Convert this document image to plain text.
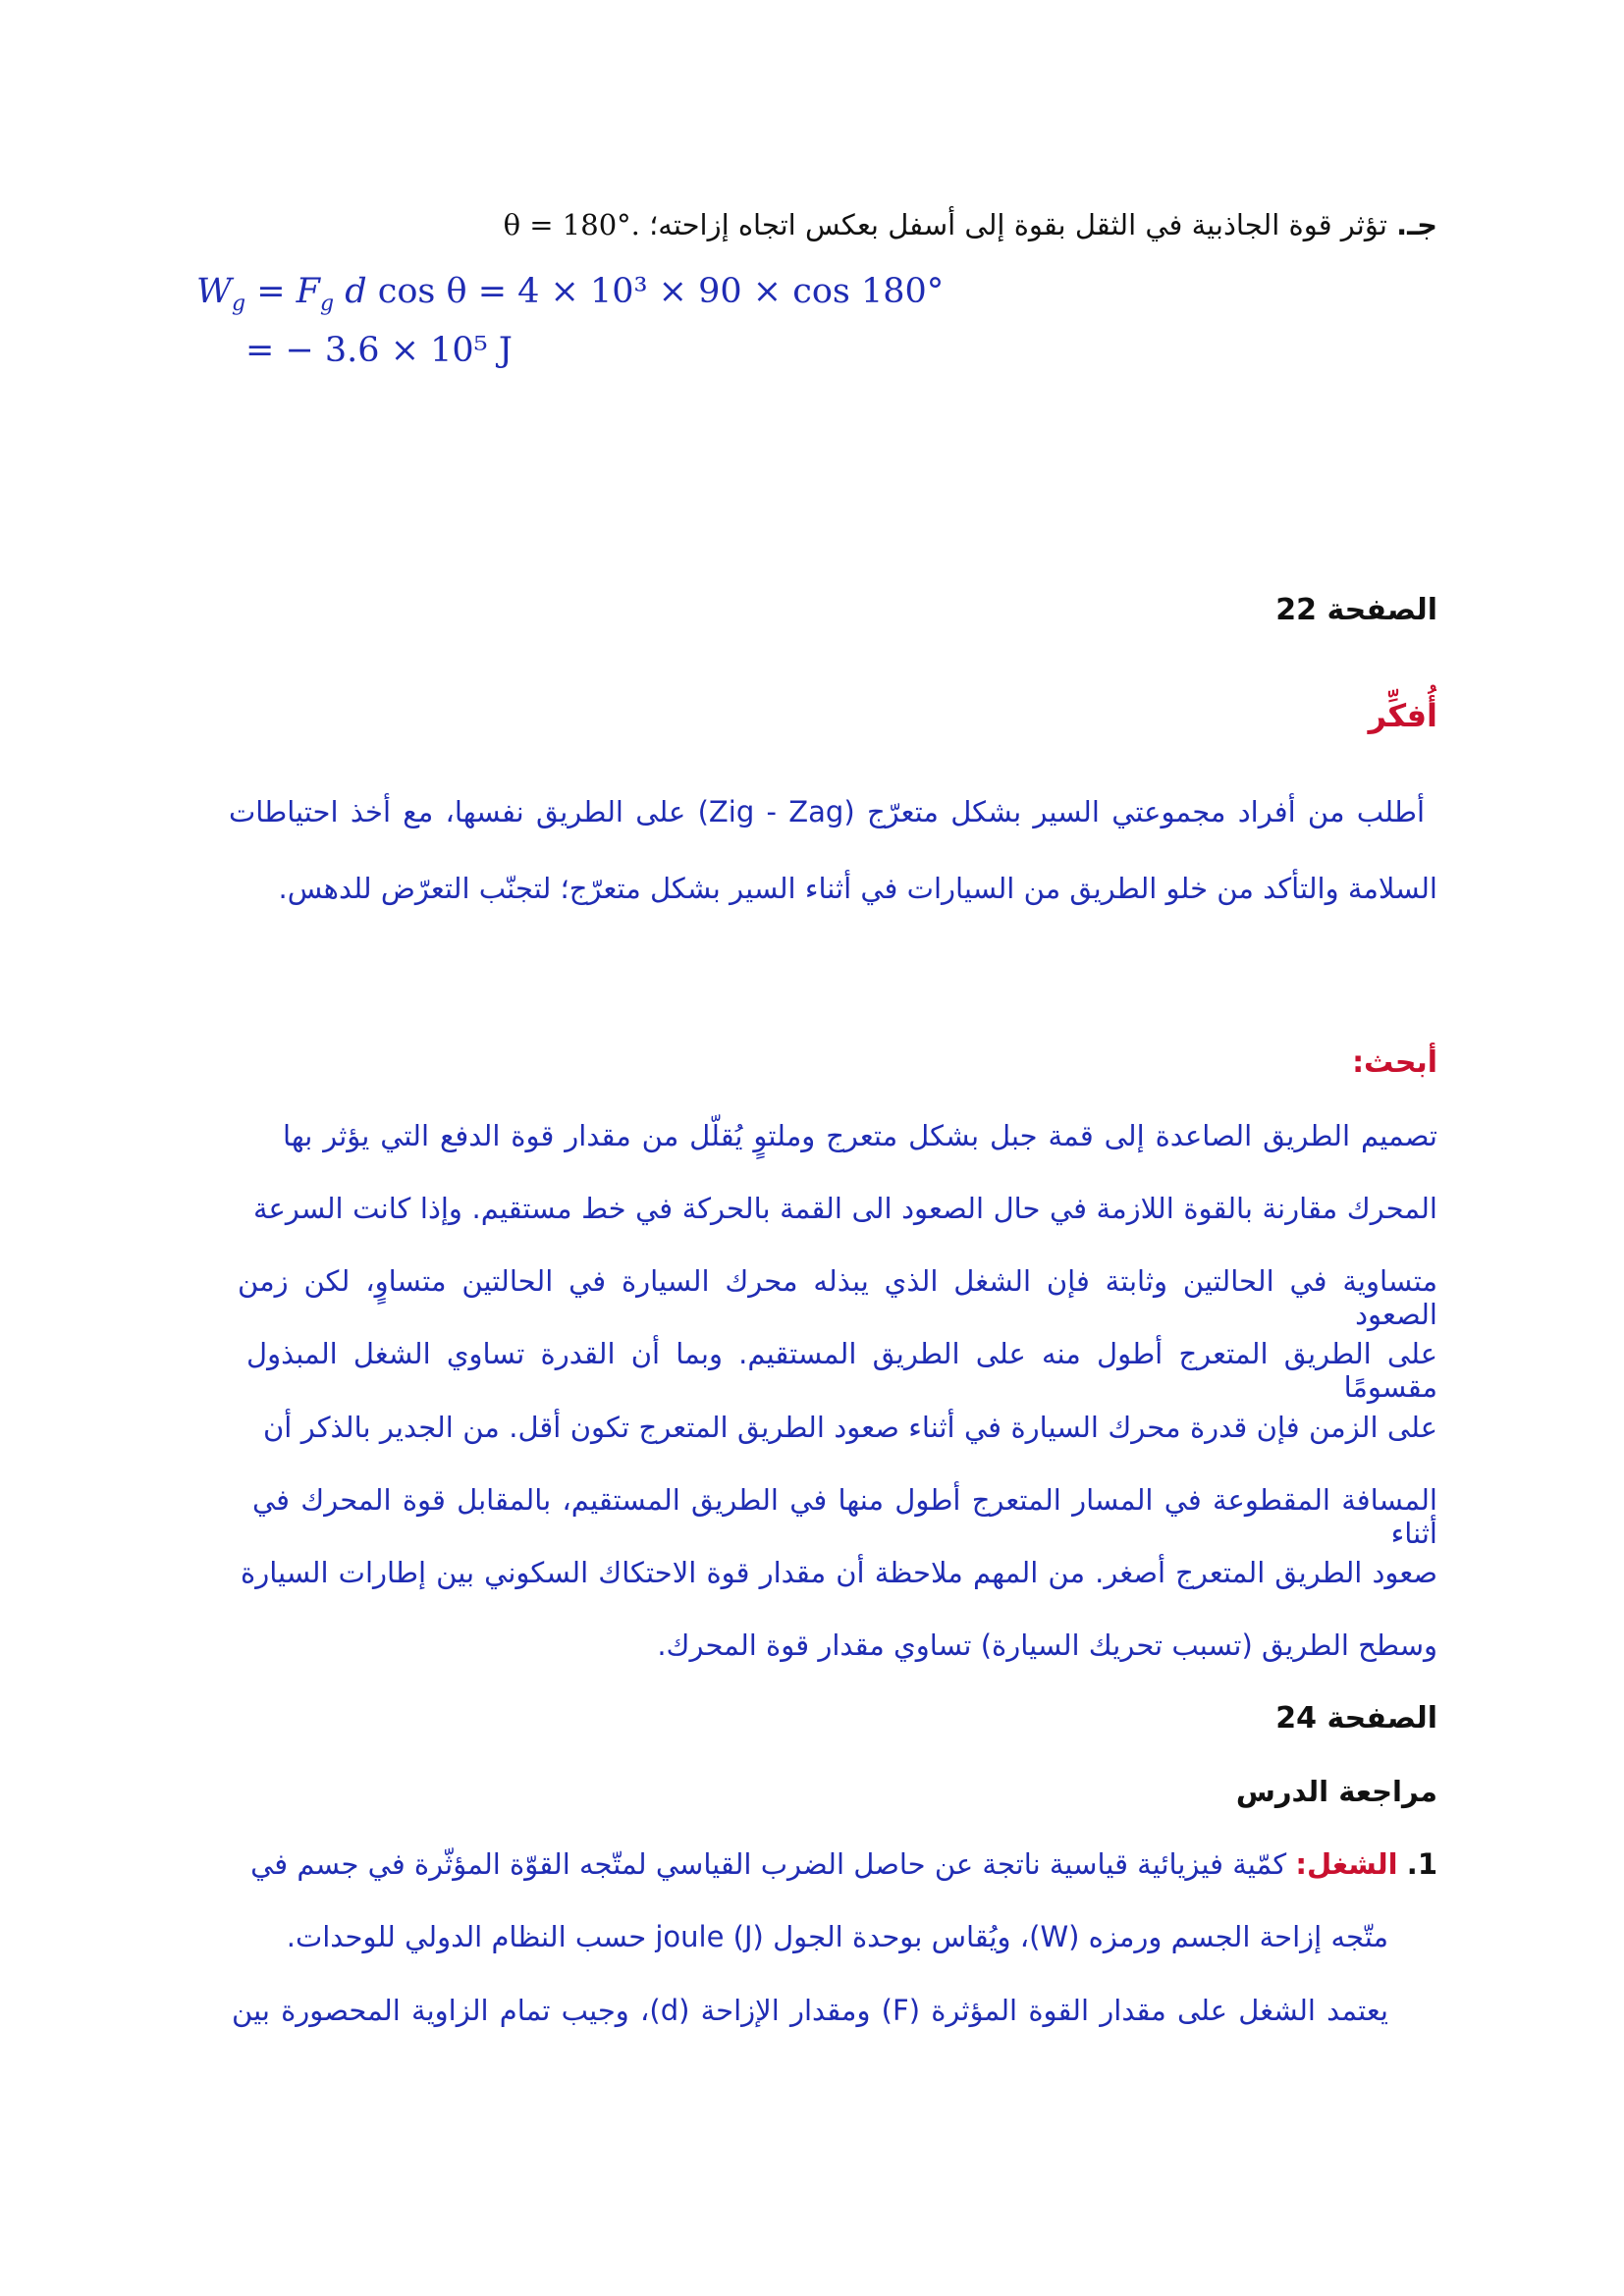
جـ. تؤثر قوة الجاذبية في الثقل بقوة إلى أسفل بعكس اتجاه إزاحته؛ θ = 180°.
$W_g = F_g$ d cos θ = 4 × 10³ × 90 × cos 180°
= − 3.6 × 10⁵ J
الصفحة 22
أُفكِّر
أطلب من أفراد مجموعتي السير بشكل متعرّج (Zig - Zag) على الطريق نفسها، مع أخذ احتياطات
السلامة والتأكد من خلو الطريق من السيارات في أثناء السير بشكل متعرّج؛ لتجنّب التعرّض للدهس.
أبحث:
تصميم الطريق الصاعدة إلى قمة جبل بشكل متعرج وملتوٍ يُقلّل من مقدار قوة الدفع التي يؤثر بها
المحرك مقارنة بالقوة اللازمة في حال الصعود الى القمة بالحركة في خط مستقيم. وإذا كانت السرعة
متساوية في الحالتين وثابتة فإن الشغل الذي يبذله محرك السيارة في الحالتين متساوٍ، لكن زمن الصعود
على الطريق المتعرج أطول منه على الطريق المستقيم. وبما أن القدرة تساوي الشغل المبذول مقسومًا
على الزمن فإن قدرة محرك السيارة في أثناء صعود الطريق المتعرج تكون أقل. من الجدير بالذكر أن
المسافة المقطوعة في المسار المتعرج أطول منها في الطريق المستقيم، بالمقابل قوة المحرك في أثناء
صعود الطريق المتعرج أصغر. من المهم ملاحظة أن مقدار قوة الاحتكاك السكوني بين إطارات السيارة
وسطح الطريق (تسبب تحريك السيارة) تساوي مقدار قوة المحرك.
الصفحة 24
مراجعة الدرس
1. الشغل: كمّية فيزيائية قياسية ناتجة عن حاصل الضرب القياسي لمتّجه القوّة المؤثّرة في جسم في
متّجه إزاحة الجسم ورمزه (W)، ويُقاس بوحدة الجول joule (J) حسب النظام الدولي للوحدات.
يعتمد الشغل على مقدار القوة المؤثرة (F) ومقدار الإزاحة (d)، وجيب تمام الزاوية المحصورة بين
